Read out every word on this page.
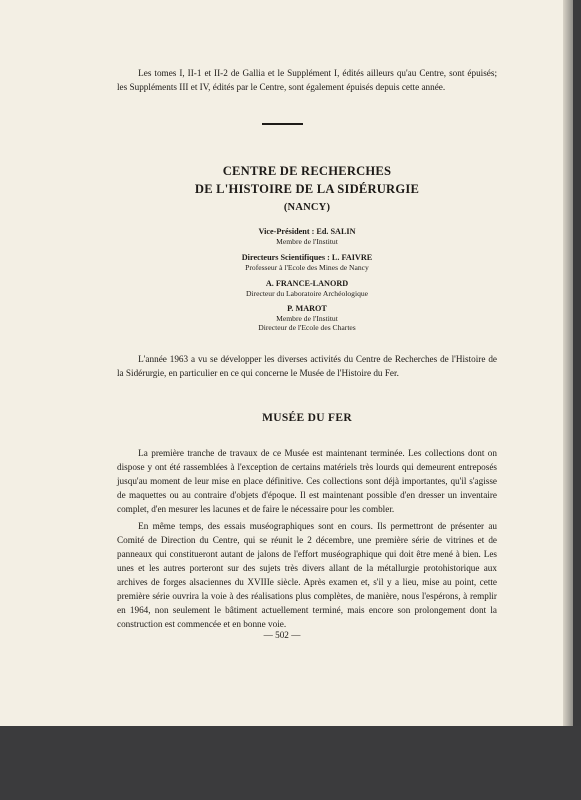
Les tomes I, II-1 et II-2 de Gallia et le Supplément I, édités ailleurs qu'au Centre, sont épuisés; les Suppléments III et IV, édités par le Centre, sont également épuisés depuis cette année.

CENTRE DE RECHERCHES
DE L'HISTOIRE DE LA SIDÉRURGIE
(NANCY)
Vice-Président : Ed. SALIN
Membre de l'Institut
Directeurs Scientifiques : L. FAIVRE
Professeur à l'Ecole des Mines de Nancy
A. FRANCE-LANORD
Directeur du Laboratoire Archéologique
P. MAROT
Membre de l'Institut
Directeur de l'Ecole des Chartes

L'année 1963 a vu se développer les diverses activités du Centre de Recherches de l'Histoire de la Sidérurgie, en particulier en ce qui concerne le Musée de l'Histoire du Fer.

MUSÉE DU FER

La première tranche de travaux de ce Musée est maintenant terminée. Les collections dont on dispose y ont été rassemblées à l'exception de certains matériels très lourds qui demeurent entreposés jusqu'au moment de leur mise en place définitive. Ces collections sont déjà importantes, qu'il s'agisse de maquettes ou au contraire d'objets d'époque. Il est maintenant possible d'en dresser un inventaire complet, d'en mesurer les lacunes et de faire le nécessaire pour les combler.

En même temps, des essais muséographiques sont en cours. Ils permettront de présenter au Comité de Direction du Centre, qui se réunit le 2 décembre, une première série de vitrines et de panneaux qui constitueront autant de jalons de l'effort muséographique qui doit être mené à bien. Les unes et les autres porteront sur des sujets très divers allant de la métallurgie protohistorique aux archives de forges alsaciennes du XVIIIe siècle. Après examen et, s'il y a lieu, mise au point, cette première série ouvrira la voie à des réalisations plus complètes, de manière, nous l'espérons, à remplir en 1964, non seulement le bâtiment actuellement terminé, mais encore son prolongement dont la construction est commencée et en bonne voie.

— 502 —
